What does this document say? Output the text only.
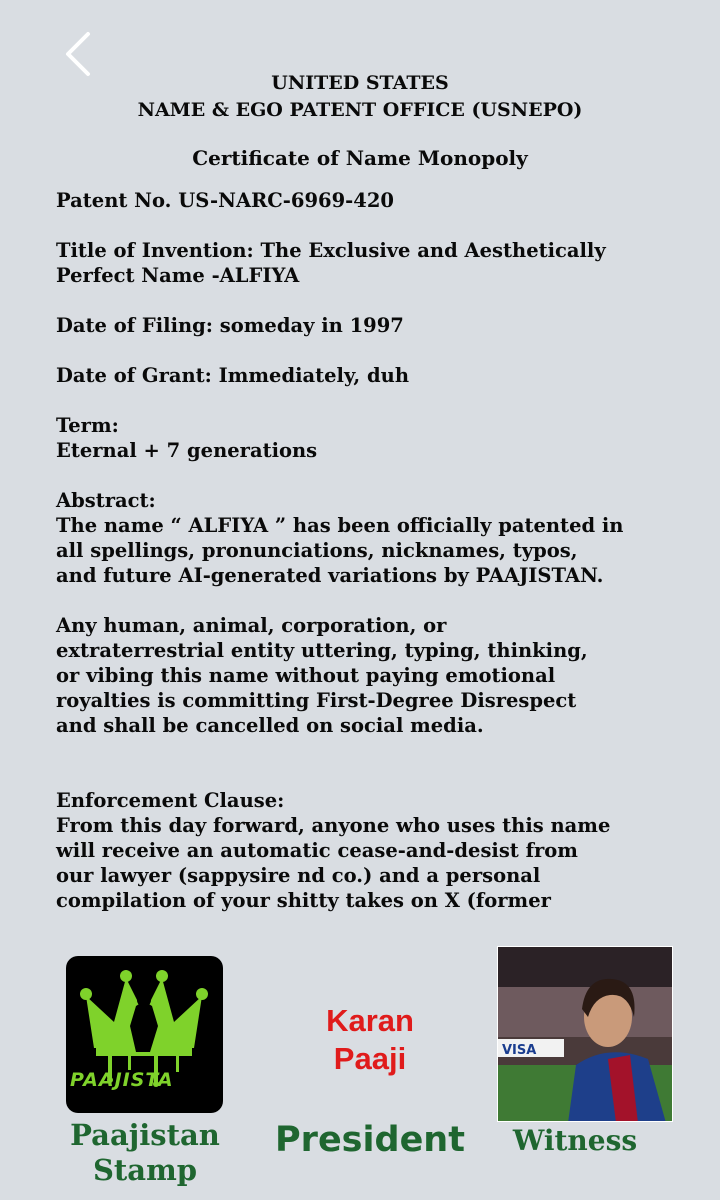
UNITED STATES
NAME & EGO PATENT OFFICE (USNEPO)
Certificate of Name Monopoly

Patent No. US-NARC-6969-420

Title of Invention: The Exclusive and Aesthetically
Perfect Name -ALFIYA

Date of Filing: someday in 1997

Date of Grant: Immediately, duh

Term:
Eternal + 7 generations

Abstract:
The name “ ALFIYA ” has been officially patented in
all spellings, pronunciations, nicknames, typos,
and future AI-generated variations by PAAJISTAN.

Any human, animal, corporation, or
extraterrestrial entity uttering, typing, thinking,
or vibing this name without paying emotional
royalties is committing First-Degree Disrespect
and shall be cancelled on social media.

Enforcement Clause:
From this day forward, anyone who uses this name
will receive an automatic cease-and-desist from
our lawyer (sappysire nd co.) and a personal
compilation of your shitty takes on X (former

PAAJISTA
Karan
Paaji	VISA
Paajistan
Stamp
President	Witness
